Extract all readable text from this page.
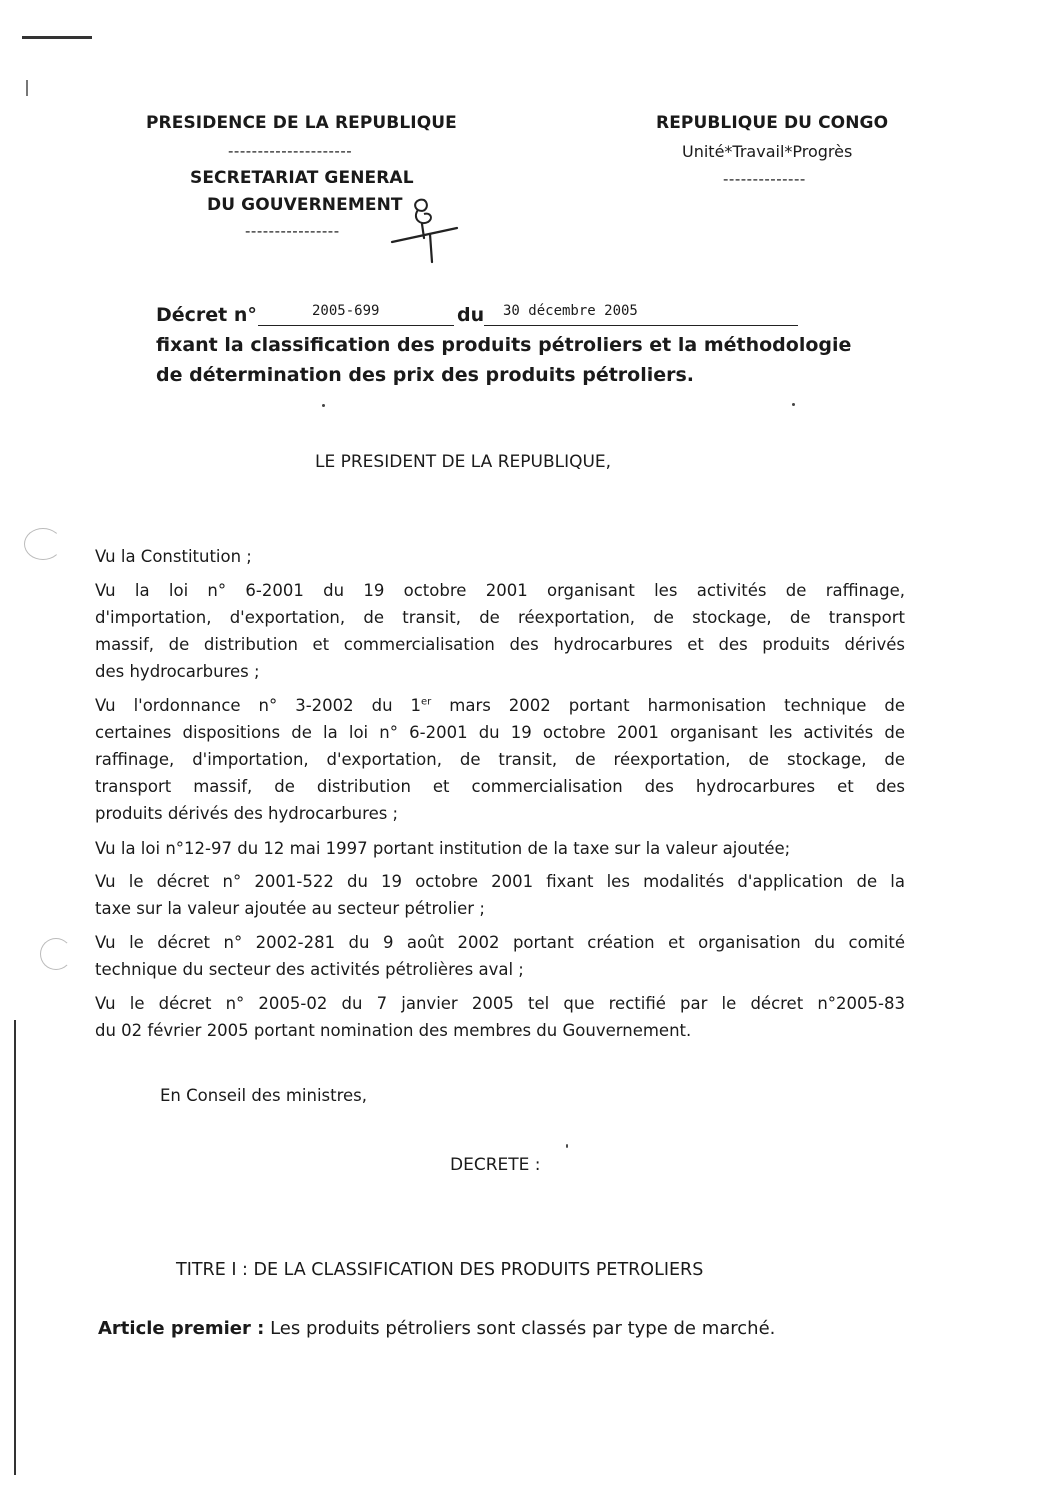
PRESIDENCE DE LA REPUBLIQUE
---------------------
SECRETARIAT GENERAL
DU GOUVERNEMENT
----------------
REPUBLIQUE DU CONGO
Unité*Travail*Progrès
--------------
Décret n°	2005-699	du 30 décembre 2005
fixant la classification des produits pétroliers et la méthodologie
de détermination des prix des produits pétroliers.
LE PRESIDENT DE LA REPUBLIQUE,
Vu la Constitution ;
Vu la loi n° 6-2001 du 19 octobre 2001 organisant les activités de raffinage,
d'importation, d'exportation, de transit, de réexportation, de stockage, de transport
massif, de distribution et commercialisation des hydrocarbures et des produits dérivés
des hydrocarbures ;
Vu l'ordonnance n° 3-2002 du 1er mars 2002 portant harmonisation technique de
certaines dispositions de la loi n° 6-2001 du 19 octobre 2001 organisant les activités de
raffinage, d'importation, d'exportation, de transit, de réexportation, de stockage, de
transport massif, de distribution et commercialisation des hydrocarbures et des
produits dérivés des hydrocarbures ;
Vu la loi n°12-97 du 12 mai 1997 portant institution de la taxe sur la valeur ajoutée;
Vu le décret n° 2001-522 du 19 octobre 2001 fixant les modalités d'application de la
taxe sur la valeur ajoutée au secteur pétrolier ;
Vu le décret n° 2002-281 du 9 août 2002 portant création et organisation du comité
technique du secteur des activités pétrolières aval ;
Vu le décret n° 2005-02 du 7 janvier 2005 tel que rectifié par le décret n°2005-83
du 02 février 2005 portant nomination des membres du Gouvernement.
En Conseil des ministres,
DECRETE :
TITRE I : DE LA CLASSIFICATION DES PRODUITS PETROLIERS
Article premier : Les produits pétroliers sont classés par type de marché.
